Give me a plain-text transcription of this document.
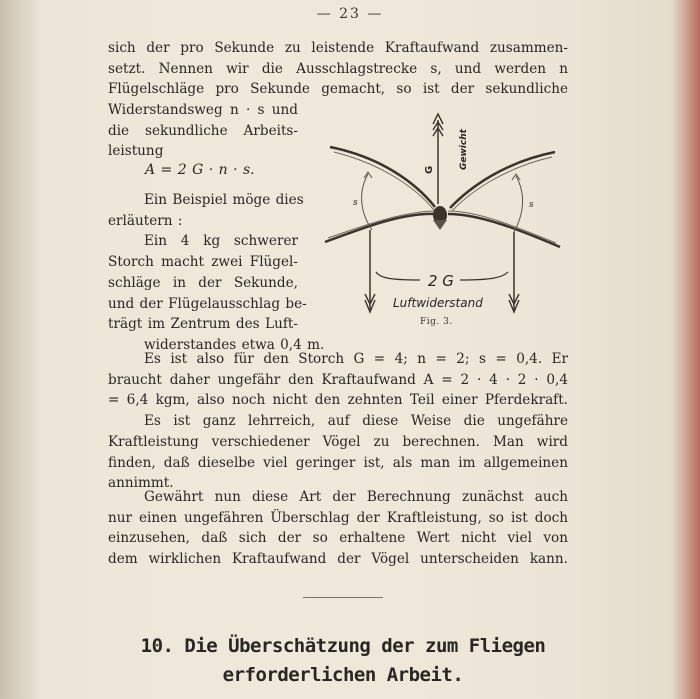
— 23 —
sich der pro Sekunde zu leistende Kraftaufwand zusammen-
setzt. Nennen wir die Ausschlagstrecke s, und werden n
Flügelschläge pro Sekunde gemacht, so ist der sekundliche
Widerstandsweg n · s und
die sekundliche Arbeits-
leistung
A = 2 G · n · s.
Ein Beispiel möge dies
erläutern :
Ein 4 kg schwerer
Storch macht zwei Flügel-
schläge in der Sekunde,
und der Flügelausschlag be-
trägt im Zentrum des Luft-
widerstandes etwa 0,4 m.
G	Gewicht
s	s
2 G
Luftwiderstand
Fig. 3.
Es ist also für den Storch G = 4; n = 2; s = 0,4. Er
braucht daher ungefähr den Kraftaufwand A = 2 · 4 · 2 · 0,4
= 6,4 kgm, also noch nicht den zehnten Teil einer Pferdekraft.
Es ist ganz lehrreich, auf diese Weise die ungefähre
Kraftleistung verschiedener Vögel zu berechnen. Man wird
finden, daß dieselbe viel geringer ist, als man im allgemeinen
annimmt.
Gewährt nun diese Art der Berechnung zunächst auch
nur einen ungefähren Überschlag der Kraftleistung, so ist doch
einzusehen, daß sich der so erhaltene Wert nicht viel von
dem wirklichen Kraftaufwand der Vögel unterscheiden kann.
10. Die Überschätzung der zum Fliegen
erforderlichen Arbeit.
